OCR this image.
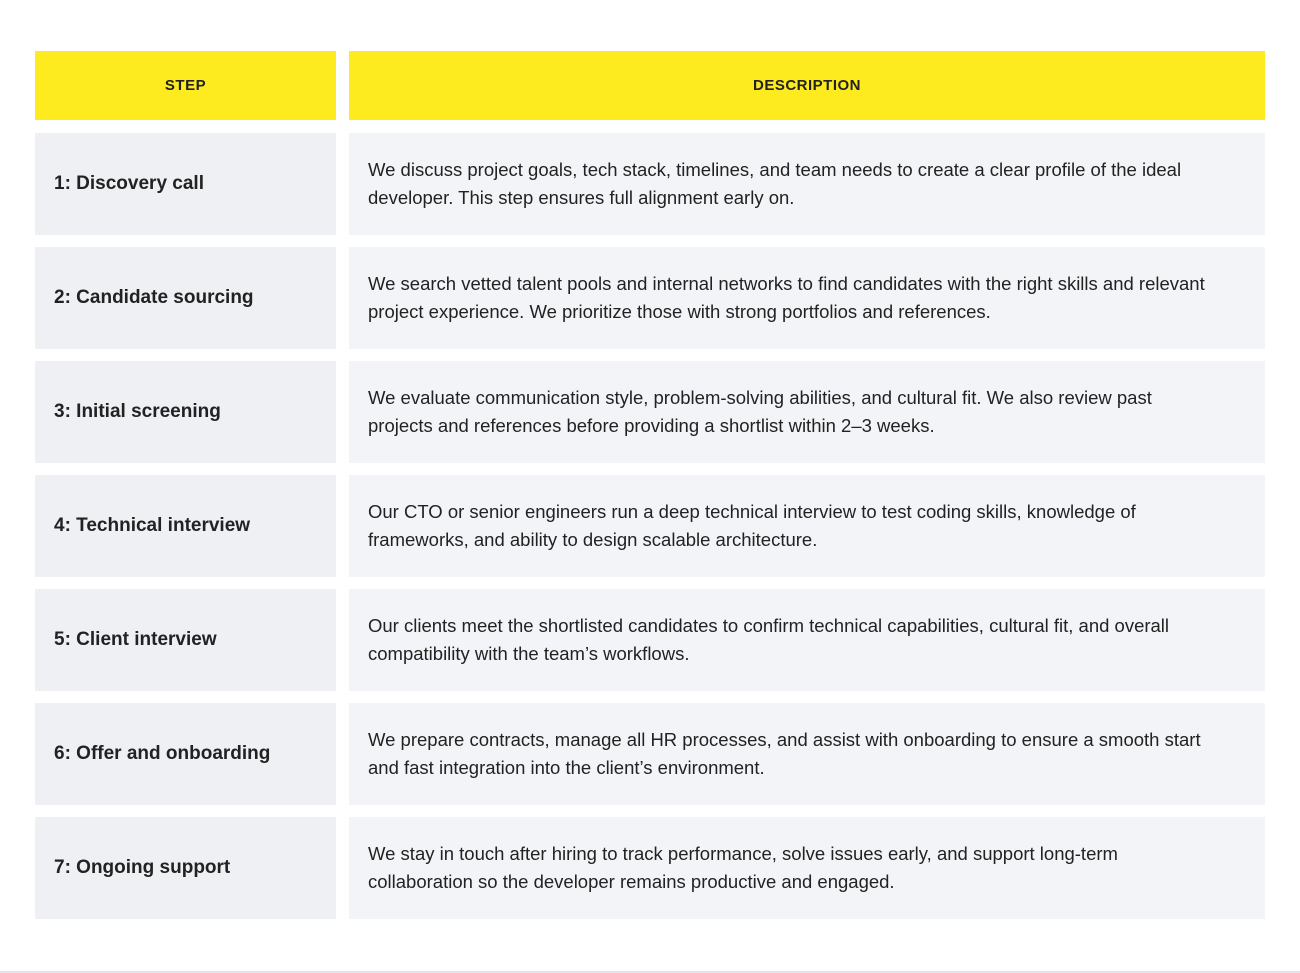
STEP	DESCRIPTION
1: Discovery call
We discuss project goals, tech stack, timelines, and team needs to create a clear profile of the ideal developer. This step ensures full alignment early on.
2: Candidate sourcing
We search vetted talent pools and internal networks to find candidates with the right skills and relevant project experience. We prioritize those with strong portfolios and references.
3: Initial screening
We evaluate communication style, problem-solving abilities, and cultural fit. We also review past projects and references before providing a shortlist within 2–3 weeks.
4: Technical interview
Our CTO or senior engineers run a deep technical interview to test coding skills, knowledge of frameworks, and ability to design scalable architecture.
5: Client interview
Our clients meet the shortlisted candidates to confirm technical capabilities, cultural fit, and overall compatibility with the team’s workflows.
6: Offer and onboarding
We prepare contracts, manage all HR processes, and assist with onboarding to ensure a smooth start and fast integration into the client’s environment.
7: Ongoing support
We stay in touch after hiring to track performance, solve issues early, and support long-term collaboration so the developer remains productive and engaged.
